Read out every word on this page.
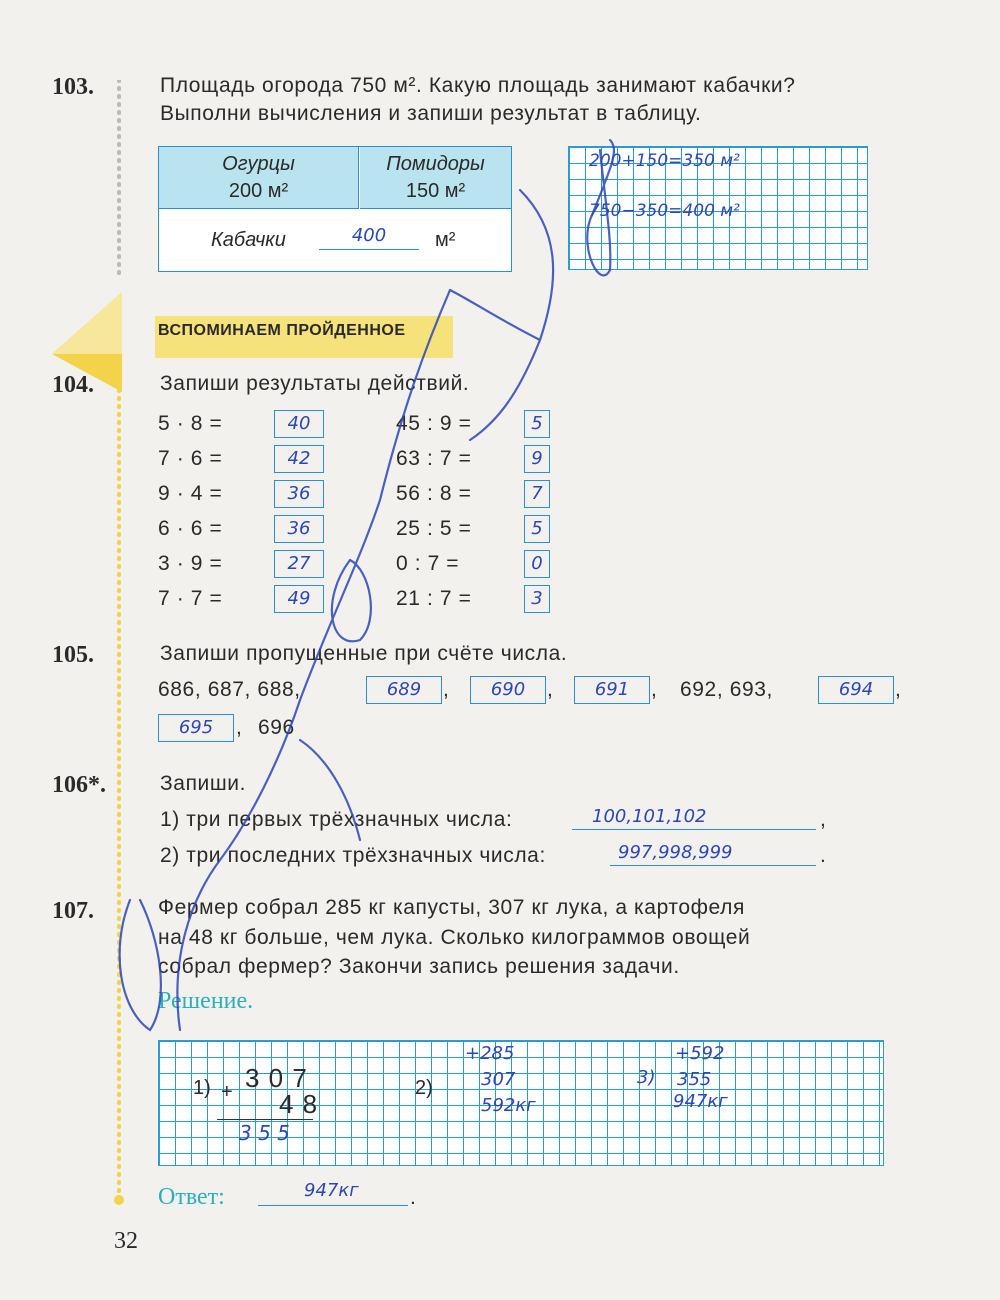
103.	Площадь огорода 750 м². Какую площадь занимают кабачки?
Выполни вычисления и запиши результат в таблицу.
Огурцы
200 м²
Помидоры
150 м²
Кабачки	400	м²
200+150=350 м²
750−350=400 м²
ВСПОМИНАЕМ ПРОЙДЕННОЕ
104.	Запиши результаты действий.
5 · 8 =	40
7 · 6 =	42
9 · 4 =	36
6 · 6 =	36
3 · 9 =	27
7 · 7 =	49
45 : 9 =	5
63 : 7 =	9
56 : 8 =	7
25 : 5 =	5
0 : 7 =	0
21 : 7 =	3
105.	Запиши пропущенные при счёте числа.
686, 687, 688,	689	,	690	,	691	, 692, 693,	694	,
695	, 696
106*.	Запиши.
1) три первых трёхзначных числа:	100,101,102	,
2) три последних трёхзначных числа:	997,998,999	.
107.	Фермер собрал 285 кг капусты, 307 кг лука, а картофеля
на 48 кг больше, чем лука. Сколько килограммов овощей
собрал фермер? Закончи запись решения задачи.
Решение.
1) + 3 0 7
4 8
3 5 5
2)
+285
307
592кг
3)
+592
355
947кг
Ответ:	947кг	.
32
